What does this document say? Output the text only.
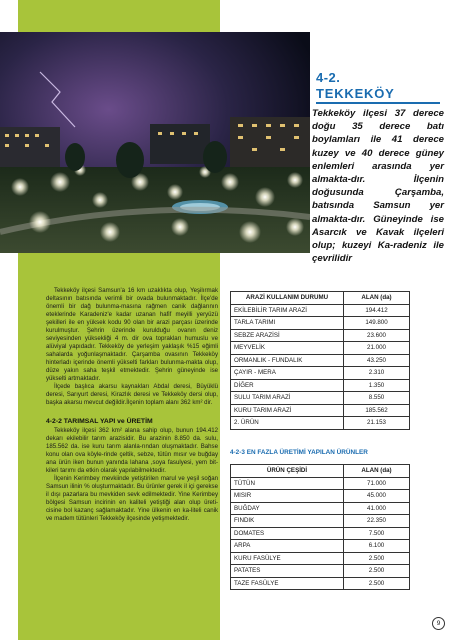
4-2.
TEKKEKÖY
Tekkeköy ilçesi 37 derece doğu 35 derece batı boylamları ile 41 derece kuzey ve 40 derece güney enlemleri arasında yer almakta-dır. İlçenin doğusunda Çarşamba, batısında Samsun yer almakta-dır. Güneyinde ise Asarcık ve Kavak ilçeleri olup; kuzeyi Ka-radeniz ile çevrilidir

Tekkeköy ilçesi Samsun'a 16 km uzaklıkta olup, Yeşilırmak deltasının batısında verimli bir ovada bulunmaktadır. İlçe'de önemli bir dağ bulunma-masına rağmen canik dağlarının eteklerinde Karadeniz'e kadar uzanan hafif meyilli yeryüzü şekilleri ile en yüksek kodu 90 olan bir arazi parçası üzerinde kurulmuştur. Şehrin üzerinde kurulduğu ovanın deniz seviyesinden yüksekliği 4 m. dir ova toprakları humuslu ve alüviyal yapıdadır. Tekkeköy de yerleşim yaklaşık %15 eğimli sahalarda yoğunlaşmaktadır. Çarşamba ovasının Tekkeköy hinterladı içerinde önemli yükselti farkları bulunma-makta olup, düze yakın saha teşkil etmektedir. Şehrin güneyinde ise yükselti artmaktadır.

İlçede başlıca akarsu kaynakları Abdal deresi, Büyüklü deresi, Sarıyurt deresi, Kirazlık deresi ve Tekkeköy dersi olup, başka akarsu mevcut değildir.İlçenin toplam alanı 362 km² dir.

4-2-2 TARIMSAL YAPI ve ÜRETİM

Tekkeköy ilçesi 362 km² alana sahip olup, bunun 194.412 dekarı ekilebilir tarım arazisidir. Bu arazinin 8.850 da. sulu, 185.562 da. ise kuru tarım alanla-rından oluşmaktadır. Bahse konu olan ova köyle-rinde çeltik, sebze, tütün mısır ve buğday ana ürün iken bunun yanında lahana ,soya fasulyesi, yem bit-kileri tarımı da etkin olarak yapılabilmektedir.

İlçenin Kerimbey mevkiinde yetiştirilen marul ve yeşil soğan Samsun ilinin % oluşturmaktadır. Bu ürünler gerek il içi gerekse il dışı pazarlara bu mevkiden sevk edilmektedir. Yine Kerimbey bölgesi Samsun incirinin en kaliteli yetiştiği alan olup üreti-cisine bol kazanç sağlamaktadır. Yine ülkenin en ka-liteli canik ve madem tütünleri Tekkeköy ilçesinde yetişmektedir.

ARAZİ KULLANIM DURUMU	ALAN (da)
EKİLEBİLİR TARIM ARAZİ	194.412
TARLA TARIMI	149.800
SEBZE ARAZİSİ	23.600
MEYVELİK	21.000
ORMANLIK - FUNDALIK	43.250
ÇAYIR - MERA	2.310
DİĞER	1.350
SULU TARIM ARAZİ	8.550
KURU TARIM ARAZİ	185.562
2. ÜRÜN	21.153
4-2-3 EN FAZLA ÜRETİMİ YAPILAN ÜRÜNLER
ÜRÜN ÇEŞİDİ	ALAN (da)
TÜTÜN	71.000
MISIR	45.000
BUĞDAY	41.000
FINDIK	22.350
DOMATES	7.500
ARPA	6.100
KURU FASÜLYE	2.500
PATATES	2.500
TAZE FASÜLYE	2.500
9
